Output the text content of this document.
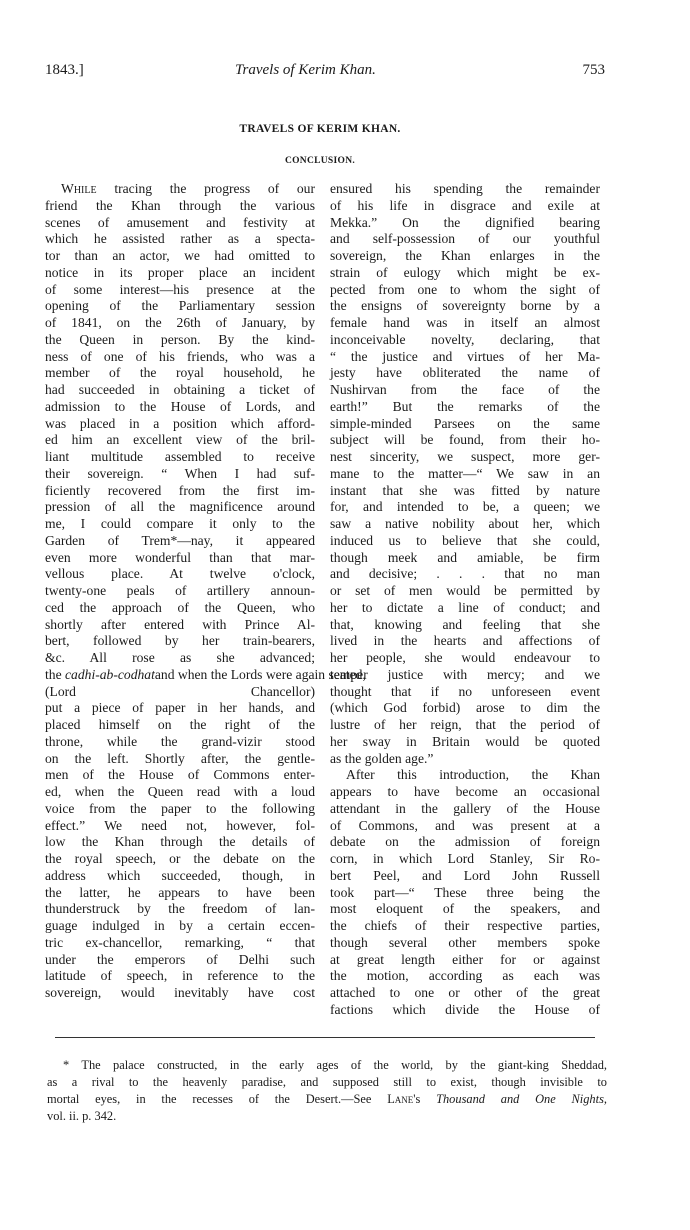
1843.]	Travels of Kerim Khan.	753
TRAVELS OF KERIM KHAN.
CONCLUSION.
While tracing the progress of our
friend the Khan through the various
scenes of amusement and festivity at
which he assisted rather as a specta-
tor than an actor, we had omitted to
notice in its proper place an incident
of some interest—his presence at the
opening of the Parliamentary session
of 1841, on the 26th of January, by
the Queen in person. By the kind-
ness of one of his friends, who was a
member of the royal household, he
had succeeded in obtaining a ticket of
admission to the House of Lords, and
was placed in a position which afford-
ed him an excellent view of the bril-
liant multitude assembled to receive
their sovereign. “ When I had suf-
ficiently recovered from the first im-
pression of all the magnificence around
me, I could compare it only to the
Garden of Trem*—nay, it appeared
even more wonderful than that mar-
vellous place. At twelve o'clock,
twenty-one peals of artillery announ-
ced the approach of the Queen, who
shortly after entered with Prince Al-
bert, followed by her train-bearers,
&c. All rose as she advanced;
the cadhi-ab-codhatand when the Lords were again seated,
(Lord Chancellor)
put a piece of paper in her hands, and
placed himself on the right of the
throne, while the grand-vizir stood
on the left. Shortly after, the gentle-
men of the House of Commons enter-
ed, when the Queen read with a loud
voice from the paper to the following
effect.” We need not, however, fol-
low the Khan through the details of
the royal speech, or the debate on the
address which succeeded, though, in
the latter, he appears to have been
thunderstruck by the freedom of lan-
guage indulged in by a certain eccen-
tric ex-chancellor, remarking, “ that
under the emperors of Delhi such
latitude of speech, in reference to the
sovereign, would inevitably have cost
ensured his spending the remainder
of his life in disgrace and exile at
Mekka.” On the dignified bearing
and self-possession of our youthful
sovereign, the Khan enlarges in the
strain of eulogy which might be ex-
pected from one to whom the sight of
the ensigns of sovereignty borne by a
female hand was in itself an almost
inconceivable novelty, declaring, that
“ the justice and virtues of her Ma-
jesty have obliterated the name of
Nushirvan from the face of the
earth!” But the remarks of the
simple-minded Parsees on the same
subject will be found, from their ho-
nest sincerity, we suspect, more ger-
mane to the matter—“ We saw in an
instant that she was fitted by nature
for, and intended to be, a queen; we
saw a native nobility about her, which
induced us to believe that she could,
though meek and amiable, be firm
and decisive; . . . that no man
or set of men would be permitted by
her to dictate a line of conduct; and
that, knowing and feeling that she
lived in the hearts and affections of
her people, she would endeavour to
temper justice with mercy; and we
thought that if no unforeseen event
(which God forbid) arose to dim the
lustre of her reign, that the period of
her sway in Britain would be quoted
as the golden age.”
After this introduction, the Khan
appears to have become an occasional
attendant in the gallery of the House
of Commons, and was present at a
debate on the admission of foreign
corn, in which Lord Stanley, Sir Ro-
bert Peel, and Lord John Russell
took part—“ These three being the
most eloquent of the speakers, and
the chiefs of their respective parties,
though several other members spoke
at great length either for or against
the motion, according as each was
attached to one or other of the great
factions which divide the House of
* The palace constructed, in the early ages of the world, by the giant-king Sheddad,
as a rival to the heavenly paradise, and supposed still to exist, though invisible to
mortal eyes, in the recesses of the Desert.—See Lane's Thousand and One Nights,
vol. ii. p. 342.
